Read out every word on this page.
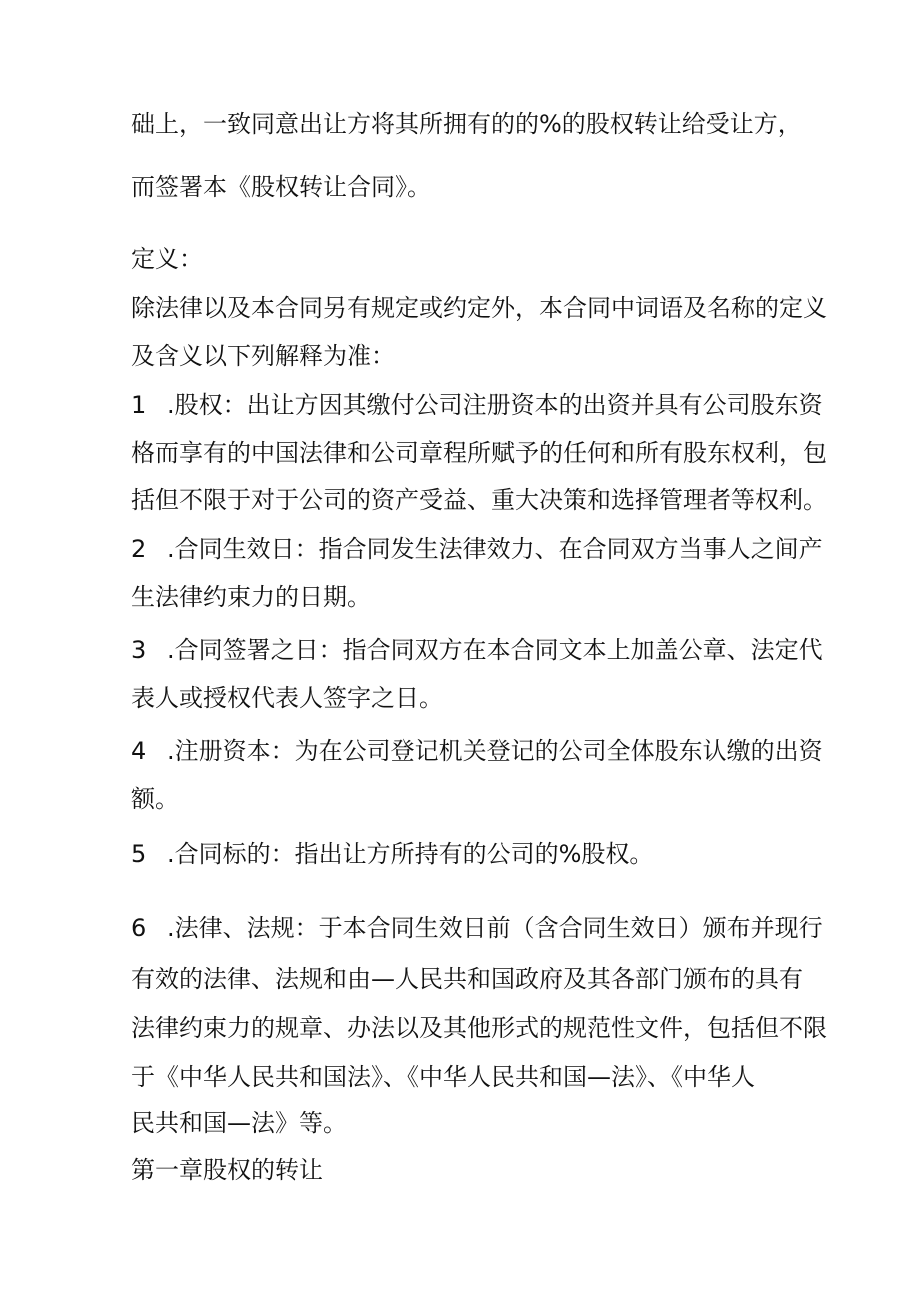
础上，一致同意出让方将其所拥有的的%的股权转让给受让方，
而签署本《股权转让合同》。
定义：
除法律以及本合同另有规定或约定外，本合同中词语及名称的定义
及含义以下列解释为准：
1 .股权：出让方因其缴付公司注册资本的出资并具有公司股东资
格而享有的中国法律和公司章程所赋予的任何和所有股东权利，包
括但不限于对于公司的资产受益、重大决策和选择管理者等权利。
2 .合同生效日：指合同发生法律效力、在合同双方当事人之间产
生法律约束力的日期。
3 .合同签署之日：指合同双方在本合同文本上加盖公章、法定代
表人或授权代表人签字之日。
4 .注册资本：为在公司登记机关登记的公司全体股东认缴的出资
额。
5 .合同标的：指出让方所持有的公司的%股权。
6 .法律、法规：于本合同生效日前（含合同生效日）颁布并现行
有效的法律、法规和由—人民共和国政府及其各部门颁布的具有
法律约束力的规章、办法以及其他形式的规范性文件，包括但不限
于《中华人民共和国法》、《中华人民共和国—法》、《中华人
民共和国—法》等。
第一章股权的转让
